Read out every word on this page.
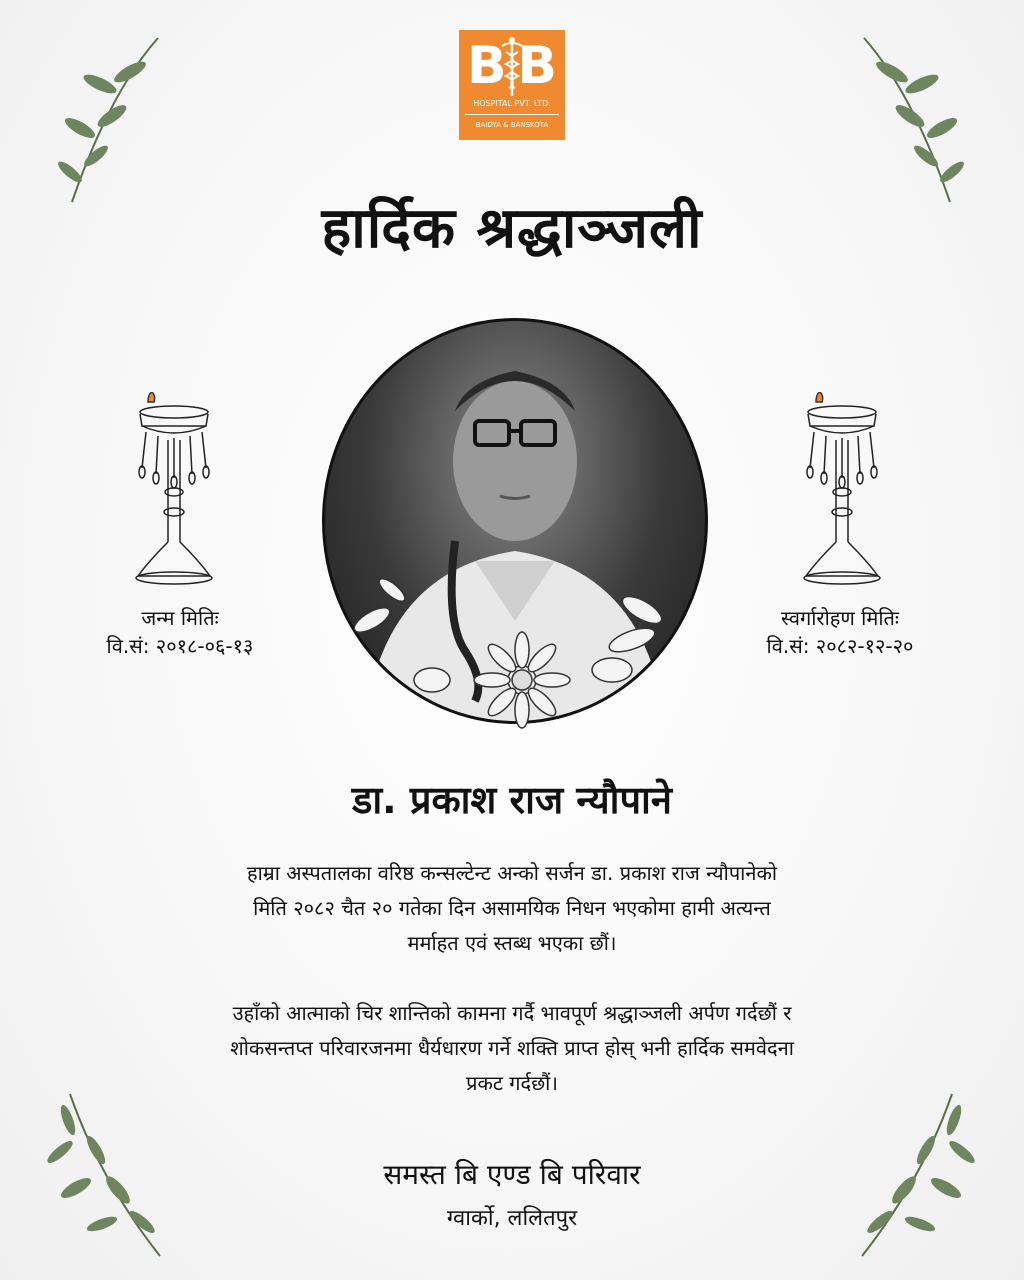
B B
HOSPITAL PVT. LTD.
BAIDYA & BANSKOTA
हार्दिक श्रद्धाञ्जली
जन्म मितिः
वि.सं: २०१८-०६-१३
स्वर्गारोहण मितिः
वि.सं: २०८२-१२-२०
डा. प्रकाश राज न्यौपाने
हाम्रा अस्पतालका वरिष्ठ कन्सल्टेन्ट अन्को सर्जन डा. प्रकाश राज न्यौपानेको
मिति २०८२ चैत २० गतेका दिन असामयिक निधन भएकोमा हामी अत्यन्त
मर्माहत एवं स्तब्ध भएका छौं।
उहाँको आत्माको चिर शान्तिको कामना गर्दै भावपूर्ण श्रद्धाञ्जली अर्पण गर्दछौं र
शोकसन्तप्त परिवारजनमा धैर्यधारण गर्ने शक्ति प्राप्त होस् भनी हार्दिक समवेदना
प्रकट गर्दछौं।
समस्त बि एण्ड बि परिवार
ग्वार्को, ललितपुर
